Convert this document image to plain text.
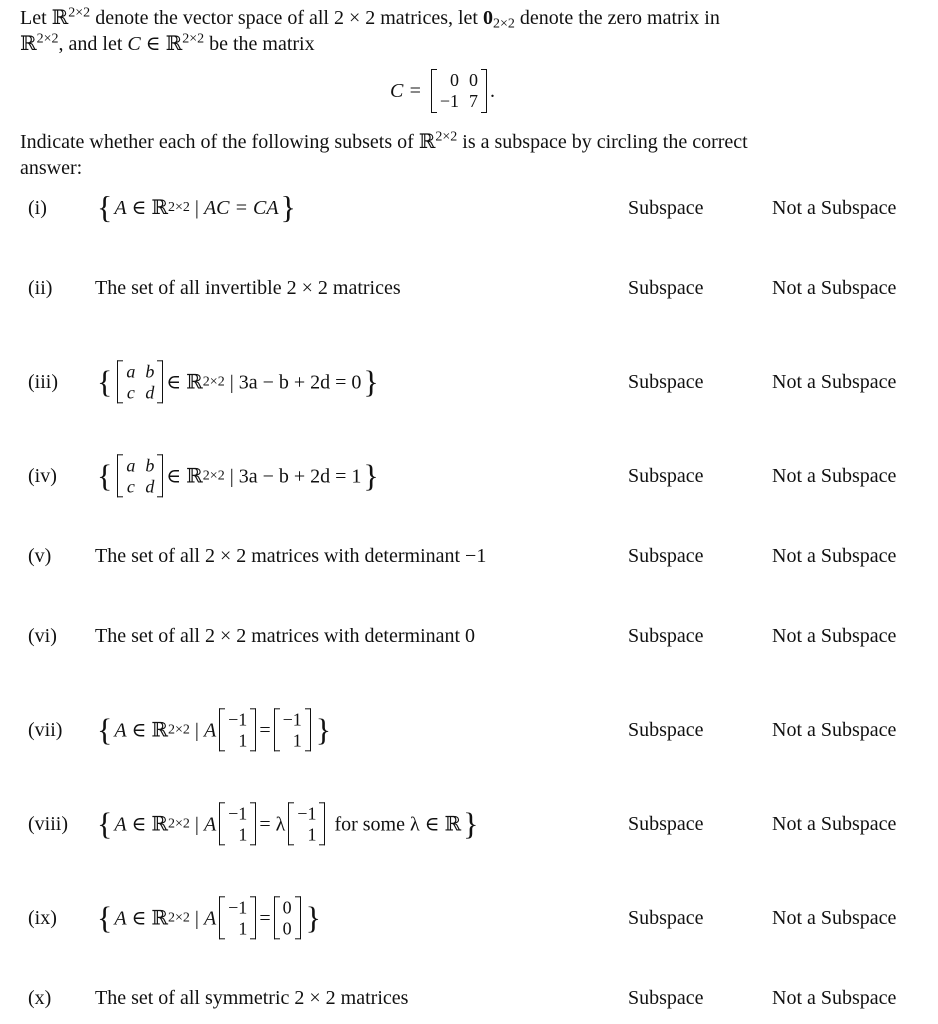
Let ℝ$^{2\times 2}$ denote the vector space of all 2 × 2 matrices, let $0_{2\times 2}$ denote the zero matrix in

ℝ$^{2\times 2}$, and let C ∈ ℝ$^{2\times 2}$ be the matrix

C =	0 0
−1 7 .

Indicate whether each of the following subsets of ℝ$^{2\times 2}$ is a subspace by circling the correct

answer:

(i) { A
∈
ℝ 2×2
|
AC = CA }	Subspace	Not a Subspace
(ii) The set of all invertible 2 × 2 matrices	Subspace	Not a Subspace
(iii) { a b
c d ∈
ℝ 2×2
| 3a − b + 2d = 0 }	Subspace	Not a Subspace
(iv) { a b
c d ∈
ℝ 2×2
| 3a − b + 2d = 1 }	Subspace	Not a Subspace
(v) The set of all 2 × 2 matrices with determinant −1	Subspace	Not a Subspace
(vi) The set of all 2 × 2 matrices with determinant 0	Subspace	Not a Subspace
(vii) { A
∈
ℝ 2×2
|
A −1
1 = −1
1 }	Subspace	Not a Subspace
(viii) { A
∈
ℝ 2×2
|
A −1
1 =
λ −1
1 for some λ ∈ ℝ }	Subspace	Not a Subspace
(ix) { A
∈
ℝ 2×2
|
A −1
1 = 0
0 }	Subspace	Not a Subspace
(x) The set of all symmetric 2 × 2 matrices	Subspace	Not a Subspace
